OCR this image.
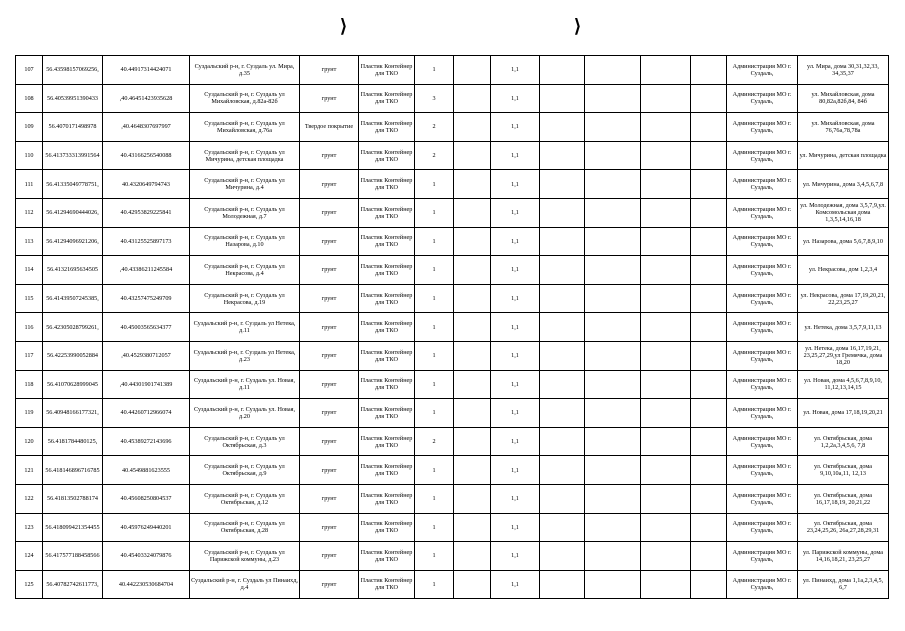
⟩	⟩
107	56.43598157069256,	40.44917314424071	Суздальский р-н, г. Суздаль ул. Мира, д.35	грунт	Пластик Контейнер для ТКО	1		1,1					Администрация МО г. Суздаль,	ул. Мира, дома 30,31,32,33, 34,35,37
108	56.40539951390433	,40.46451423935628	Суздальский р-н, г. Суздаль ул Михайловская, д.82а-82б	грунт	Пластик Контейнер для ТКО	3		1,1					Администрация МО г. Суздаль,	ул. Михайловская, дома 80,82а,82б,84, 84б
109	56.4070171498978	,40.4648307697997	Суздальский р-н, г. Суздаль ул Михайловская, д.76а	Твердое покрытие	Пластик Контейнер для ТКО	2		1,1					Администрация МО г. Суздаль,	ул. Михайловская, дома 76,76а,78,78а
110	56.413733313991564	40.43166256540088	Суздальский р-н, г. Суздаль ул Мичурина, детская площадка	грунт	Пластик Контейнер для ТКО	2		1,1					Администрация МО г. Суздаль,	ул. Мичурина, детская площадка
111	56.41335049778751,	40.4320649794743	Суздальский р-н, г. Суздаль ул Мичурина, д.4	грунт	Пластик Контейнер для ТКО	1		1,1					Администрация МО г. Суздаль,	ул. Мичурина, дома 3,4,5,6,7,8
112	56.41294690444026,	40.42953829225841	Суздальский р-н, г. Суздаль ул Молодежная, д.7	грунт	Пластик Контейнер для ТКО	1		1,1					Администрация МО г. Суздаль,	ул. Молодежная, дома 3,5,7,9,ул. Комсомольская дома 1,3,5,14,16,18
113	56.41294096921206,	40.43125525897173	Суздальский р-н, г. Суздаль ул Назарова, д.10	грунт	Пластик Контейнер для ТКО	1		1,1					Администрация МО г. Суздаль,	ул. Назарова, дома 5,6,7,8,9,10
114	56.41321695634505	,40.43386211245584	Суздальский р-н, г. Суздаль ул Некрасова, д.4	грунт	Пластик Контейнер для ТКО	1		1,1					Администрация МО г. Суздаль,	ул. Некрасова, дом 1,2,3,4
115	56.41439507245385,	40.43257475249709	Суздальский р-н, г. Суздаль ул Некрасова, д.19	грунт	Пластик Контейнер для ТКО	1		1,1					Администрация МО г. Суздаль,	ул. Некрасова, дома 17,19,20,21, 22,23,25,27
116	56.42305028799261,	40.45003565634377	Суздальский р-н, г. Суздаль ул Нетека, д.11	грунт	Пластик Контейнер для ТКО	1		1,1					Администрация МО г. Суздаль,	ул. Нетека, дома 3,5,7,9,11,13
117	56.42253990052884	,40.4529380712057	Суздальский р-н, г. Суздаль ул Нетека, д.23	грунт	Пластик Контейнер для ТКО	1		1,1					Администрация МО г. Суздаль,	ул. Нетека, дома 16,17,19,21, 23,25,27,29,ул Гремячка, дома 18,20
118	56.41070628999045	,40.44301901741389	Суздальский р-н, г. Суздаль ул. Новая, д.11	грунт	Пластик Контейнер для ТКО	1		1,1					Администрация МО г. Суздаль,	ул. Новая, дома 4,5,6,7,8,9,10, 11,12,13,14,15
119	56.40948166177321,	40.44260712966074	Суздальский р-н, г. Суздаль ул. Новая, д.20	грунт	Пластик Контейнер для ТКО	1		1,1					Администрация МО г. Суздаль,	ул. Новая, дома 17,18,19,20,21
120	56.4181784480125,	40.45389272143696	Суздальский р-н, г. Суздаль ул Октябрьская, д.3	грунт	Пластик Контейнер для ТКО	2		1,1					Администрация МО г. Суздаль,	ул. Октябрьская, дома 1,2,2а,3,4,5,6, 7,8
121	56.418146896716785	40.4549881623555	Суздальский р-н, г. Суздаль ул Октябрьская, д.9	грунт	Пластик Контейнер для ТКО	1		1,1					Администрация МО г. Суздаль,	ул. Октябрьская, дома 9,10,10а,11, 12,13
122	56.41813502788174	40.45608250804537	Суздальский р-н, г. Суздаль ул Октябрьская, д.12	грунт	Пластик Контейнер для ТКО	1		1,1					Администрация МО г. Суздаль,	ул. Октябрьская, дома 16,17,18,19, 20,21,22
123	56.418099421354455	40.45976249440201	Суздальский р-н, г. Суздаль ул Октябрьская, д.28	грунт	Пластик Контейнер для ТКО	1		1,1					Администрация МО г. Суздаль,	ул. Октябрьская, дома 23,24,25,26, 26а,27,28,29,31
124	56.417577188458566	40.45403324079876	Суздальский р-н, г. Суздаль ул Парижской коммуны, д.23	грунт	Пластик Контейнер для ТКО	1		1,1					Администрация МО г. Суздаль,	ул. Парижской коммуны, дома 14,16,18,21, 23,25,27
125	56.40782742611773,	40.442230530684704	Суздальский р-н, г. Суздаль ул Пинаихд, д.4	грунт	Пластик Контейнер для ТКО	1		1,1					Администрация МО г. Суздаль,	ул. Пинаихд, дома 1,1а,2,3,4,5, 6,7
